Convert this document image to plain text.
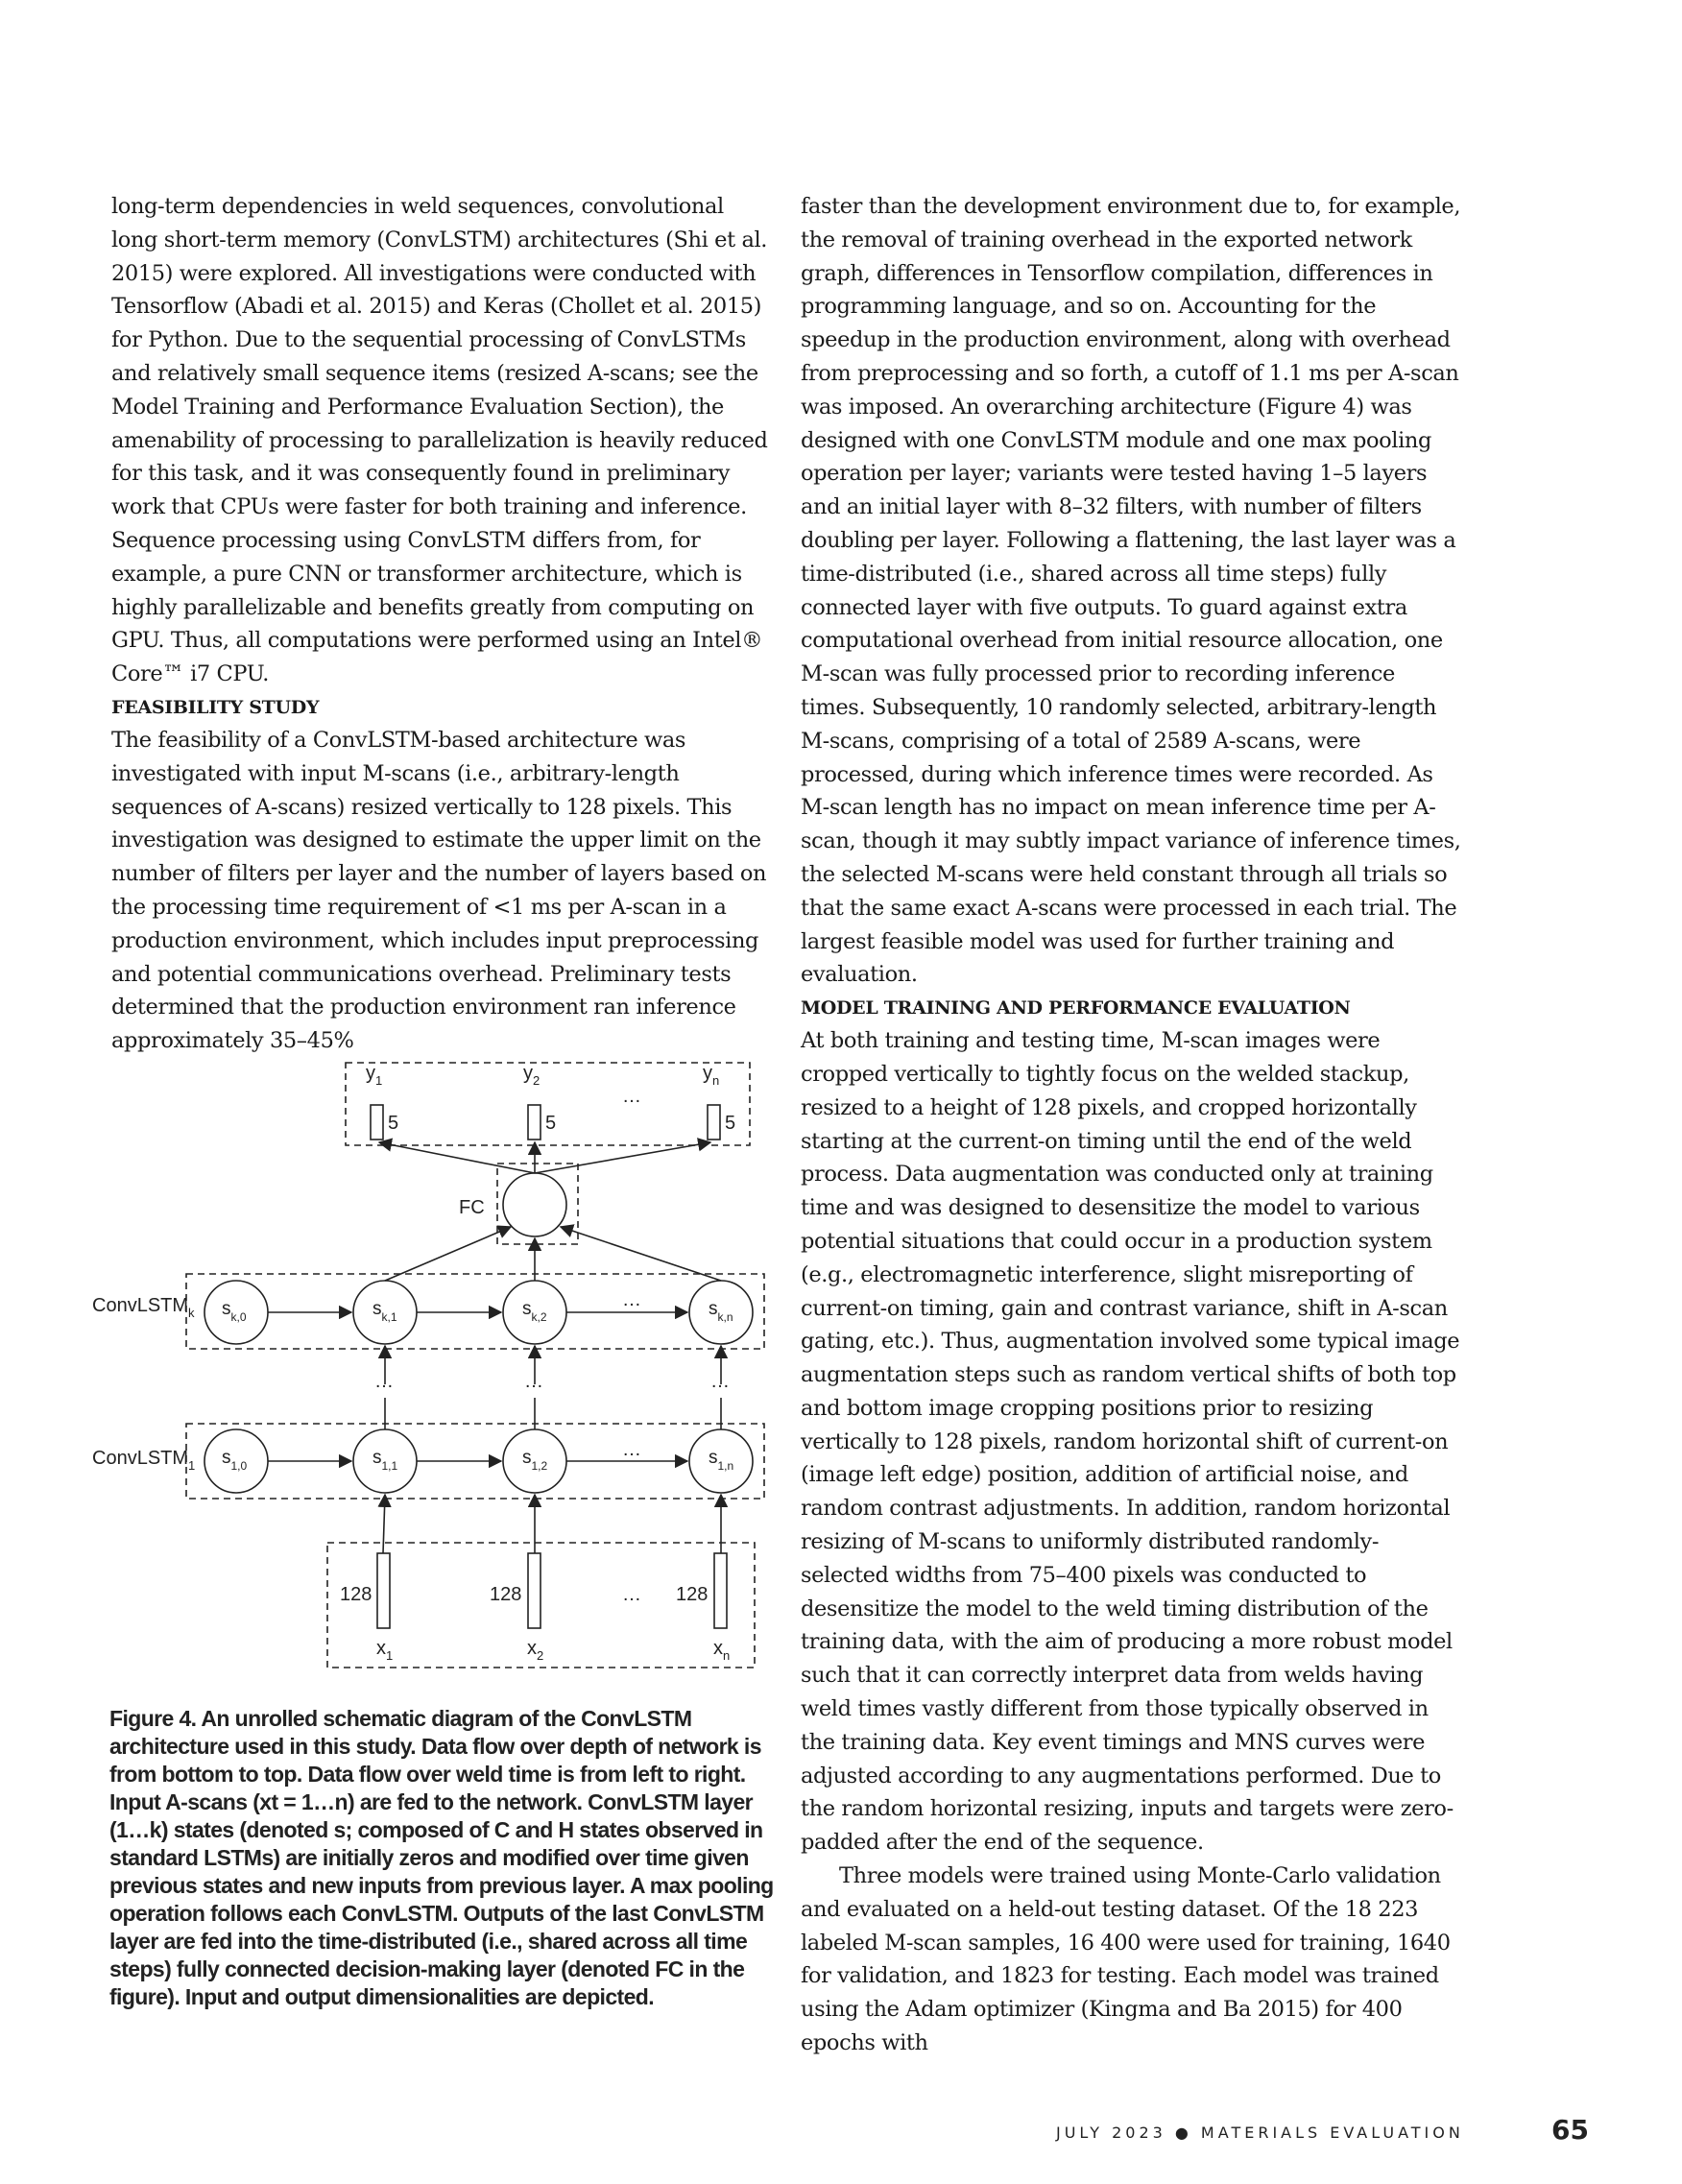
long-term dependencies in weld sequences, convolutional long short-term memory (ConvLSTM) architectures (Shi et al. 2015) were explored. All investigations were conducted with Tensorflow (Abadi et al. 2015) and Keras (Chollet et al. 2015) for Python. Due to the sequential processing of ConvLSTMs and relatively small sequence items (resized A-scans; see the Model Training and Performance Evaluation Section), the amenability of processing to parallelization is heavily reduced for this task, and it was consequently found in preliminary work that CPUs were faster for both training and inference. Sequence processing using ConvLSTM differs from, for example, a pure CNN or transformer architecture, which is highly parallelizable and benefits greatly from computing on GPU. Thus, all computations were performed using an Intel® Core™ i7 CPU.

FEASIBILITY STUDY

The feasibility of a ConvLSTM-based architecture was investigated with input M-scans (i.e., arbitrary-length sequences of A-scans) resized vertically to 128 pixels. This investigation was designed to estimate the upper limit on the number of filters per layer and the number of layers based on the processing time requirement of <1 ms per A-scan in a production environment, which includes input preprocessing and potential communications overhead. Preliminary tests determined that the production environment ran inference approximately 35–45%

faster than the development environment due to, for example, the removal of training overhead in the exported network graph, differences in Tensorflow compilation, differences in programming language, and so on. Accounting for the speedup in the production environment, along with overhead from preprocessing and so forth, a cutoff of 1.1 ms per A-scan was imposed. An overarching architecture (Figure 4) was designed with one ConvLSTM module and one max pooling operation per layer; variants were tested having 1–5 layers and an initial layer with 8–32 filters, with number of filters doubling per layer. Following a flattening, the last layer was a time-distributed (i.e., shared across all time steps) fully connected layer with five outputs. To guard against extra computational overhead from initial resource allocation, one M-scan was fully processed prior to recording inference times. Subsequently, 10 randomly selected, arbitrary-length M-scans, comprising of a total of 2589 A-scans, were processed, during which inference times were recorded. As M-scan length has no impact on mean inference time per A-scan, though it may subtly impact variance of inference times, the selected M-scans were held constant through all trials so that the same exact A-scans were processed in each trial. The largest feasible model was used for further training and evaluation.

MODEL TRAINING AND PERFORMANCE EVALUATION

At both training and testing time, M-scan images were cropped vertically to tightly focus on the welded stackup, resized to a height of 128 pixels, and cropped horizontally starting at the current-on timing until the end of the weld process. Data augmentation was conducted only at training time and was designed to desensitize the model to various potential situations that could occur in a production system (e.g., electromagnetic interference, slight misreporting of current-on timing, gain and contrast variance, shift in A-scan gating, etc.). Thus, augmentation involved some typical image augmentation steps such as random vertical shifts of both top and bottom image cropping positions prior to resizing vertically to 128 pixels, random horizontal shift of current-on (image left edge) position, addition of artificial noise, and random contrast adjustments. In addition, random horizontal resizing of M-scans to uniformly distributed randomly-selected widths from 75–400 pixels was conducted to desensitize the model to the weld timing distribution of the training data, with the aim of producing a more robust model such that it can correctly interpret data from welds having weld times vastly different from those typically observed in the training data. Key event timings and MNS curves were adjusted according to any augmentations performed. Due to the random horizontal resizing, inputs and targets were zero-padded after the end of the sequence.

Three models were trained using Monte-Carlo validation and evaluated on a held-out testing dataset. Of the 18 223 labeled M-scan samples, 16 400 were used for training, 1640 for validation, and 1823 for testing. Each model was trained using the Adam optimizer (Kingma and Ba 2015) for 400 epochs with

$y_1$	$y_2$	$y_n$
5	5	5
…
FC
ConvLSTM$_k$
ConvLSTM$_1$
$s_{k,0}$	$s_{k,1}$	$s_{k,2}$	$s_{k,n}$
…
…	…	…
$s_{1,0}$	$s_{1,1}$	$s_{1,2}$	$s_{1,n}$
…
128	128	128
…
$x_1$	$x_2$	$x_n$

Figure 4. An unrolled schematic diagram of the ConvLSTM architecture used in this study. Data flow over depth of network is from bottom to top. Data flow over weld time is from left to right. Input A-scans (xt = 1…n) are fed to the network. ConvLSTM layer (1…k) states (denoted s; composed of C and H states observed in standard LSTMs) are initially zeros and modified over time given previous states and new inputs from previous layer. A max pooling operation follows each ConvLSTM. Outputs of the last ConvLSTM layer are fed into the time-distributed (i.e., shared across all time steps) fully connected decision-making layer (denoted FC in the figure). Input and output dimensionalities are depicted.

JULY 2023 ● MATERIALS EVALUATION	65
